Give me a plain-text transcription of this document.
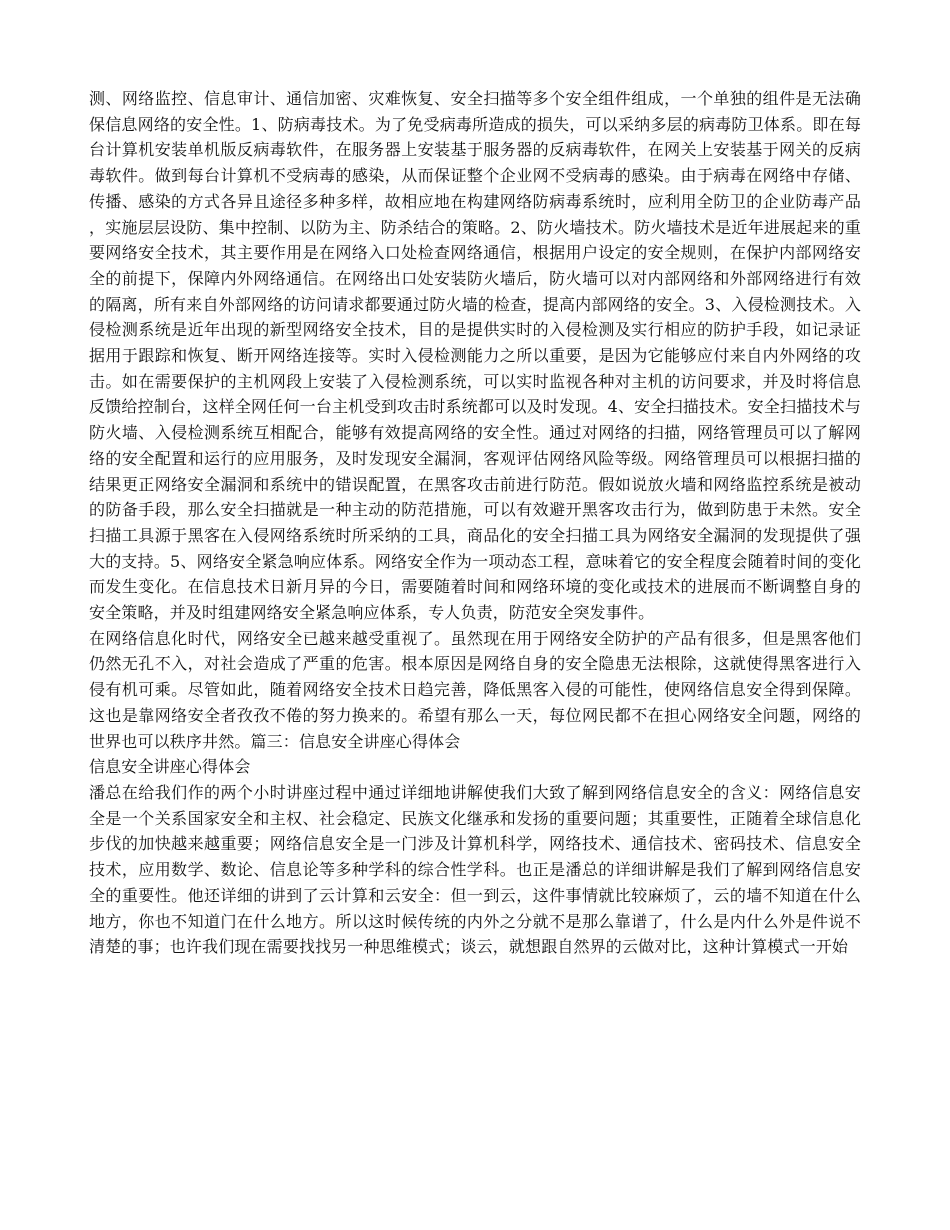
测、网络监控、信息审计、通信加密、灾难恢复、安全扫描等多个安全组件组成，一个单独的组件是无法确保信息网络的安全性。1、防病毒技术。为了免受病毒所造成的损失，可以采纳多层的病毒防卫体系。即在每台计算机安装单机版反病毒软件，在服务器上安装基于服务器的反病毒软件，在网关上安装基于网关的反病毒软件。做到每台计算机不受病毒的感染，从而保证整个企业网不受病毒的感染。由于病毒在网络中存储、传播、感染的方式各异且途径多种多样，故相应地在构建网络防病毒系统时，应利用全防卫的企业防毒产品，实施层层设防、集中控制、以防为主、防杀结合的策略。2、防火墙技术。防火墙技术是近年进展起来的重要网络安全技术，其主要作用是在网络入口处检查网络通信，根据用户设定的安全规则，在保护内部网络安全的前提下，保障内外网络通信。在网络出口处安装防火墙后，防火墙可以对内部网络和外部网络进行有效的隔离，所有来自外部网络的访问请求都要通过防火墙的检查，提高内部网络的安全。3、入侵检测技术。入侵检测系统是近年出现的新型网络安全技术，目的是提供实时的入侵检测及实行相应的防护手段，如记录证据用于跟踪和恢复、断开网络连接等。实时入侵检测能力之所以重要，是因为它能够应付来自内外网络的攻击。如在需要保护的主机网段上安装了入侵检测系统，可以实时监视各种对主机的访问要求，并及时将信息反馈给控制台，这样全网任何一台主机受到攻击时系统都可以及时发现。4、安全扫描技术。安全扫描技术与防火墙、入侵检测系统互相配合，能够有效提高网络的安全性。通过对网络的扫描，网络管理员可以了解网络的安全配置和运行的应用服务，及时发现安全漏洞，客观评估网络风险等级。网络管理员可以根据扫描的结果更正网络安全漏洞和系统中的错误配置，在黑客攻击前进行防范。假如说放火墙和网络监控系统是被动的防备手段，那么安全扫描就是一种主动的防范措施，可以有效避开黑客攻击行为，做到防患于未然。安全扫描工具源于黑客在入侵网络系统时所采纳的工具，商品化的安全扫描工具为网络安全漏洞的发现提供了强大的支持。5、网络安全紧急响应体系。网络安全作为一项动态工程，意味着它的安全程度会随着时间的变化而发生变化。在信息技术日新月异的今日，需要随着时间和网络环境的变化或技术的进展而不断调整自身的安全策略，并及时组建网络安全紧急响应体系，专人负责，防范安全突发事件。

在网络信息化时代，网络安全已越来越受重视了。虽然现在用于网络安全防护的产品有很多，但是黑客他们仍然无孔不入，对社会造成了严重的危害。根本原因是网络自身的安全隐患无法根除，这就使得黑客进行入侵有机可乘。尽管如此，随着网络安全技术日趋完善，降低黑客入侵的可能性，使网络信息安全得到保障。这也是靠网络安全者孜孜不倦的努力换来的。希望有那么一天，每位网民都不在担心网络安全问题，网络的世界也可以秩序井然。篇三：信息安全讲座心得体会

信息安全讲座心得体会

潘总在给我们作的两个小时讲座过程中通过详细地讲解使我们大致了解到网络信息安全的含义：网络信息安全是一个关系国家安全和主权、社会稳定、民族文化继承和发扬的重要问题；其重要性，正随着全球信息化步伐的加快越来越重要；网络信息安全是一门涉及计算机科学，网络技术、通信技术、密码技术、信息安全技术，应用数学、数论、信息论等多种学科的综合性学科。也正是潘总的详细讲解是我们了解到网络信息安全的重要性。他还详细的讲到了云计算和云安全：但一到云，这件事情就比较麻烦了，云的墙不知道在什么地方，你也不知道门在什么地方。所以这时候传统的内外之分就不是那么靠谱了，什么是内什么外是件说不清楚的事；也许我们现在需要找找另一种思维模式；谈云，就想跟自然界的云做对比，这种计算模式一开始
